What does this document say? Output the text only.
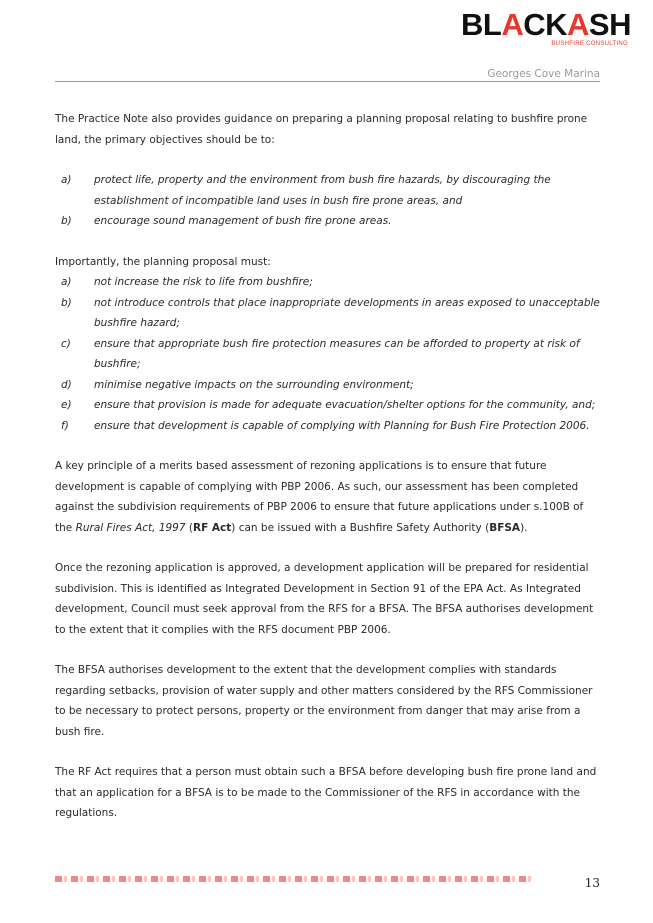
BLACKASH
BUSHFIRE CONSULTING
Georges Cove Marina

The Practice Note also provides guidance on preparing a planning proposal relating to bushfire prone land, the primary objectives should be to:

a) protect life, property and the environment from bush fire hazards, by discouraging the establishment of incompatible land uses in bush fire prone areas, and
b) encourage sound management of bush fire prone areas.

Importantly, the planning proposal must:

a) not increase the risk to life from bushfire;
b) not introduce controls that place inappropriate developments in areas exposed to unacceptable bushfire hazard;
c) ensure that appropriate bush fire protection measures can be afforded to property at risk of bushfire;
d) minimise negative impacts on the surrounding environment;
e) ensure that provision is made for adequate evacuation/shelter options for the community, and;
f) ensure that development is capable of complying with Planning for Bush Fire Protection 2006.

A key principle of a merits based assessment of rezoning applications is to ensure that future development is capable of complying with PBP 2006. As such, our assessment has been completed against the subdivision requirements of PBP 2006 to ensure that future applications under s.100B of the Rural Fires Act, 1997 (RF Act) can be issued with a Bushfire Safety Authority (BFSA).

Once the rezoning application is approved, a development application will be prepared for residential subdivision. This is identified as Integrated Development in Section 91 of the EPA Act. As Integrated development, Council must seek approval from the RFS for a BFSA. The BFSA authorises development to the extent that it complies with the RFS document PBP 2006.

The BFSA authorises development to the extent that the development complies with standards regarding setbacks, provision of water supply and other matters considered by the RFS Commissioner to be necessary to protect persons, property or the environment from danger that may arise from a bush fire.

The RF Act requires that a person must obtain such a BFSA before developing bush fire prone land and that an application for a BFSA is to be made to the Commissioner of the RFS in accordance with the regulations.

13
